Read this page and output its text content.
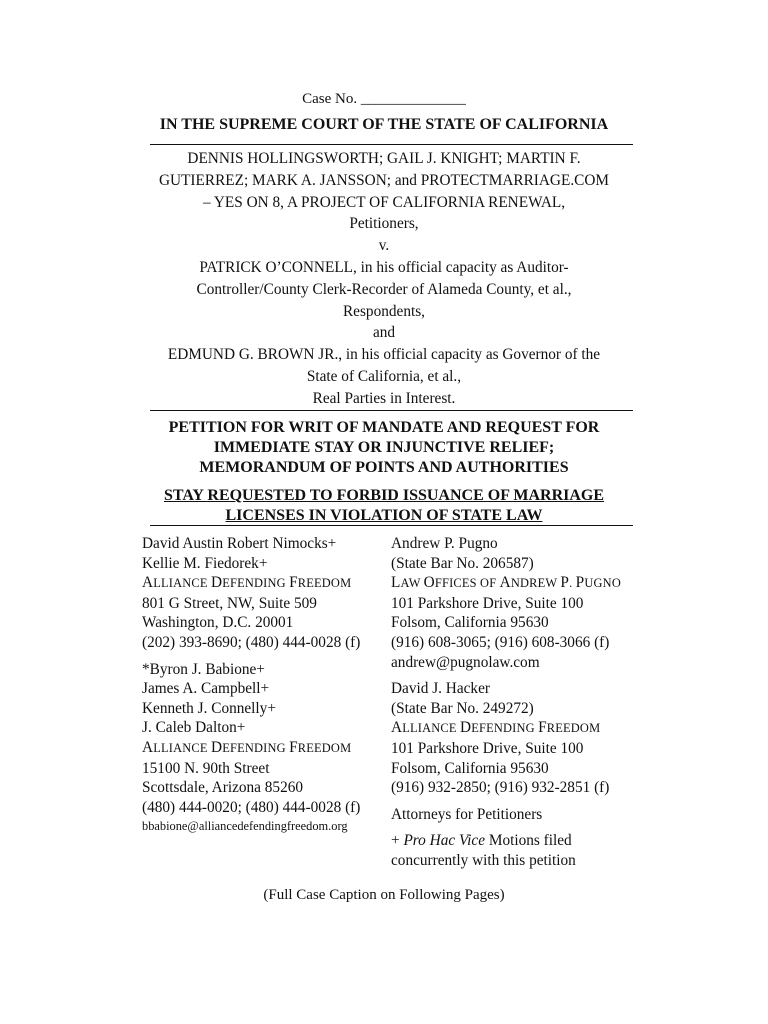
Case No. ______________
IN THE SUPREME COURT OF THE STATE OF CALIFORNIA
DENNIS HOLLINGSWORTH; GAIL J. KNIGHT; MARTIN F.
GUTIERREZ; MARK A. JANSSON; and PROTECTMARRIAGE.COM
– YES ON 8, A PROJECT OF CALIFORNIA RENEWAL,
Petitioners,
v.
PATRICK O’CONNELL, in his official capacity as Auditor-
Controller/County Clerk-Recorder of Alameda County, et al.,
Respondents,
and
EDMUND G. BROWN JR., in his official capacity as Governor of the
State of California, et al.,
Real Parties in Interest.
PETITION FOR WRIT OF MANDATE AND REQUEST FOR
IMMEDIATE STAY OR INJUNCTIVE RELIEF;
MEMORANDUM OF POINTS AND AUTHORITIES
STAY REQUESTED TO FORBID ISSUANCE OF MARRIAGE
LICENSES IN VIOLATION OF STATE LAW
David Austin Robert Nimocks+
Kellie M. Fiedorek+
ALLIANCE DEFENDING FREEDOM
801 G Street, NW, Suite 509
Washington, D.C. 20001
(202) 393-8690; (480) 444-0028 (f)
*Byron J. Babione+
James A. Campbell+
Kenneth J. Connelly+
J. Caleb Dalton+
ALLIANCE DEFENDING FREEDOM
15100 N. 90th Street
Scottsdale, Arizona 85260
(480) 444-0020; (480) 444-0028 (f)
bbabione@alliancedefendingfreedom.org
Andrew P. Pugno
(State Bar No. 206587)
LAW OFFICES OF ANDREW P. PUGNO
101 Parkshore Drive, Suite 100
Folsom, California 95630
(916) 608-3065; (916) 608-3066 (f)
andrew@pugnolaw.com
David J. Hacker
(State Bar No. 249272)
ALLIANCE DEFENDING FREEDOM
101 Parkshore Drive, Suite 100
Folsom, California 95630
(916) 932-2850; (916) 932-2851 (f)
Attorneys for Petitioners
+ Pro Hac Vice Motions filed
concurrently with this petition
(Full Case Caption on Following Pages)
